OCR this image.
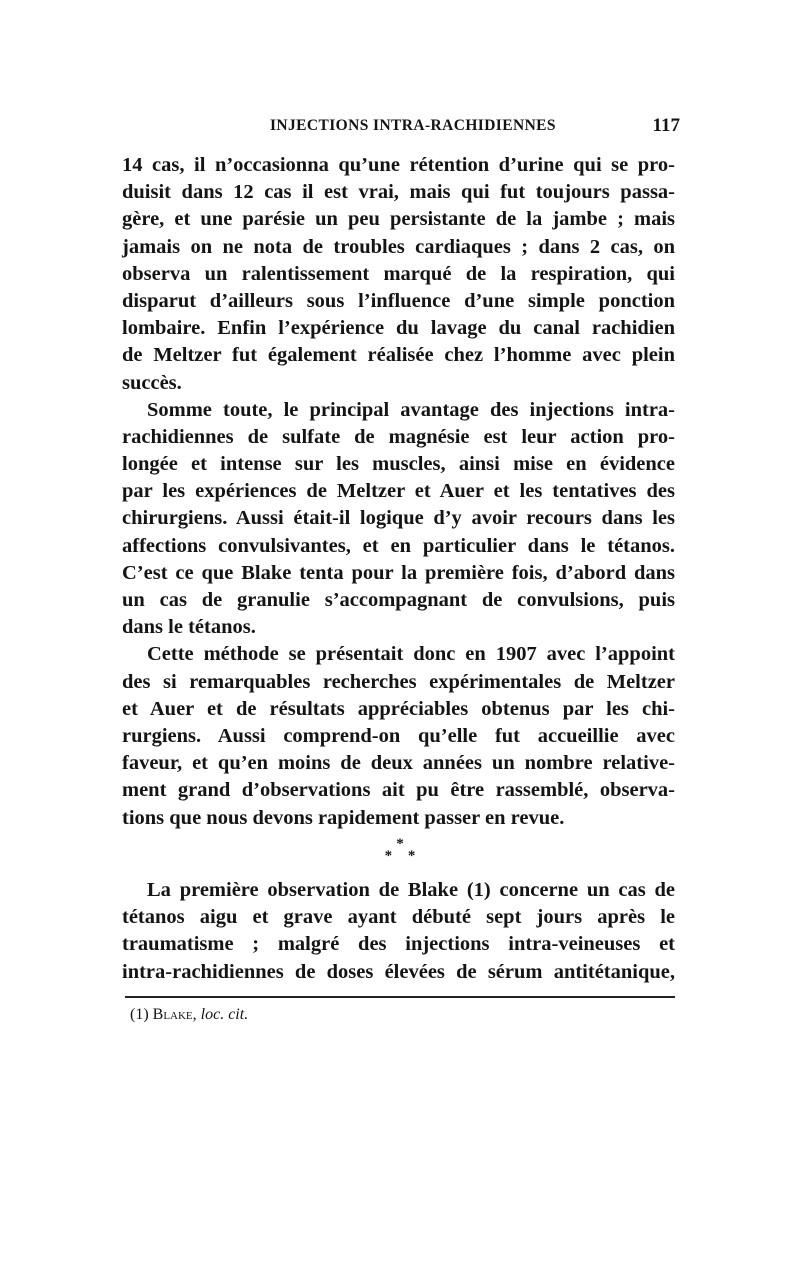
INJECTIONS INTRA-RACHIDIENNES	117
14 cas, il n’occasionna qu’une rétention d’urine qui se pro-
duisit dans 12 cas il est vrai, mais qui fut toujours passa-
gère, et une parésie un peu persistante de la jambe ; mais
jamais on ne nota de troubles cardiaques ; dans 2 cas, on
observa un ralentissement marqué de la respiration, qui
disparut d’ailleurs sous l’influence d’une simple ponction
lombaire. Enfin l’expérience du lavage du canal rachidien
de Meltzer fut également réalisée chez l’homme avec plein
succès.
Somme toute, le principal avantage des injections intra-
rachidiennes de sulfate de magnésie est leur action pro-
longée et intense sur les muscles, ainsi mise en évidence
par les expériences de Meltzer et Auer et les tentatives des
chirurgiens. Aussi était-il logique d’y avoir recours dans les
affections convulsivantes, et en particulier dans le tétanos.
C’est ce que Blake tenta pour la première fois, d’abord dans
un cas de granulie s’accompagnant de convulsions, puis
dans le tétanos.
Cette méthode se présentait donc en 1907 avec l’appoint
des si remarquables recherches expérimentales de Meltzer
et Auer et de résultats appréciables obtenus par les chi-
rurgiens. Aussi comprend-on qu’elle fut accueillie avec
faveur, et qu’en moins de deux années un nombre relative-
ment grand d’observations ait pu être rassemblé, observa-
tions que nous devons rapidement passer en revue.
*
* *
La première observation de Blake (1) concerne un cas de
tétanos aigu et grave ayant débuté sept jours après le
traumatisme ; malgré des injections intra-veineuses et
intra-rachidiennes de doses élevées de sérum antitétanique,
(1) Blake, loc. cit.
